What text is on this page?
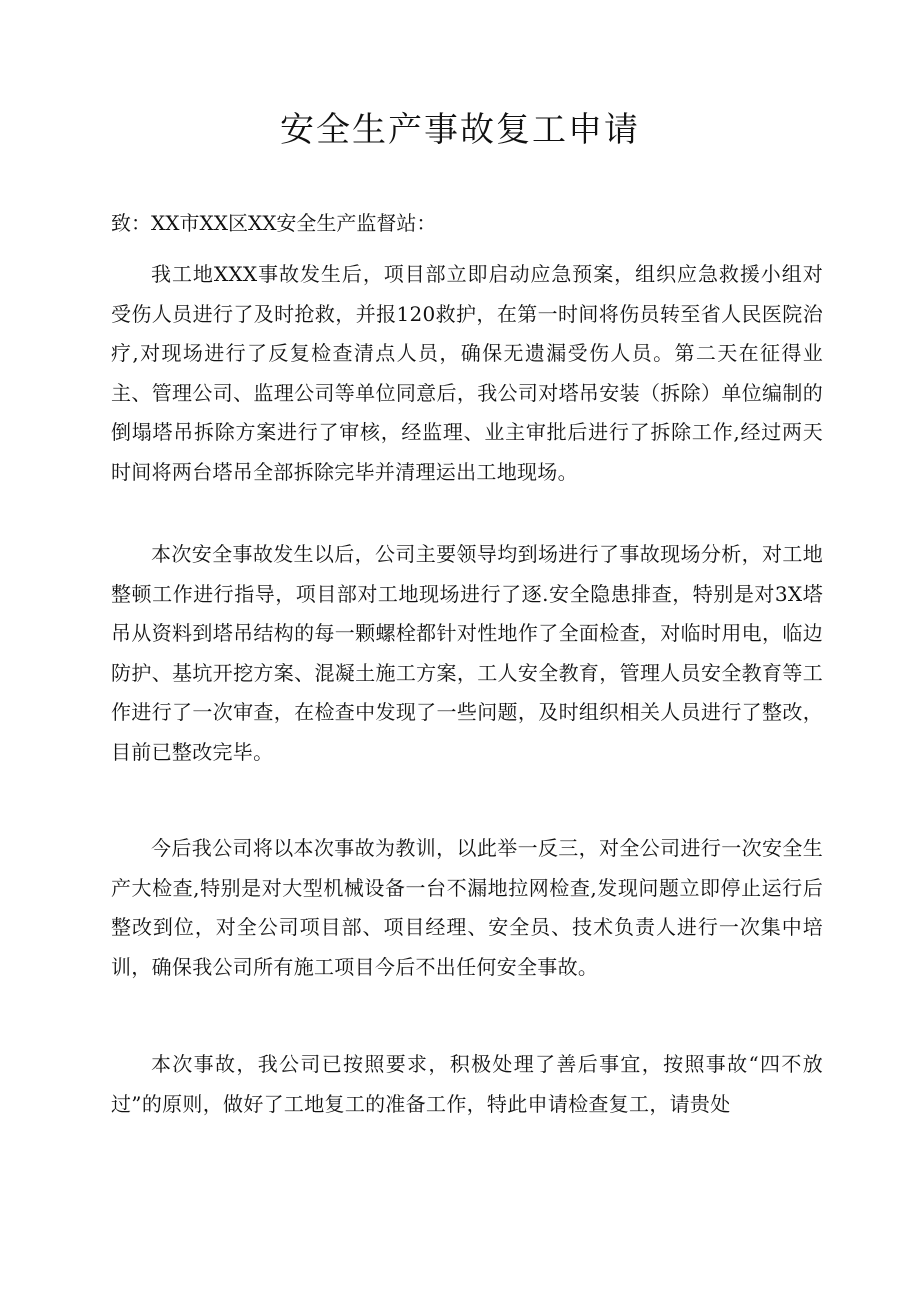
安全生产事故复工申请
致：XX市XX区XX安全生产监督站：

我工地XXX事故发生后，项目部立即启动应急预案，组织应急救援小组对受伤人员进行了及时抢救，并报120救护，在第一时间将伤员转至省人民医院治疗,对现场进行了反复检查清点人员，确保无遗漏受伤人员。第二天在征得业主、管理公司、监理公司等单位同意后，我公司对塔吊安装（拆除）单位编制的倒塌塔吊拆除方案进行了审核，经监理、业主审批后进行了拆除工作,经过两天时间将两台塔吊全部拆除完毕并清理运出工地现场。

本次安全事故发生以后，公司主要领导均到场进行了事故现场分析，对工地整顿工作进行指导，项目部对工地现场进行了逐.安全隐患排查，特别是对3X塔吊从资料到塔吊结构的每一颗螺栓都针对性地作了全面检查，对临时用电，临边防护、基坑开挖方案、混凝土施工方案，工人安全教育，管理人员安全教育等工作进行了一次审查，在检查中发现了一些问题，及时组织相关人员进行了整改，目前已整改完毕。

今后我公司将以本次事故为教训，以此举一反三，对全公司进行一次安全生产大检查,特别是对大型机械设备一台不漏地拉网检查,发现问题立即停止运行后整改到位，对全公司项目部、项目经理、安全员、技术负责人进行一次集中培训，确保我公司所有施工项目今后不出任何安全事故。

本次事故，我公司已按照要求，积极处理了善后事宜，按照事故“四不放过”的原则，做好了工地复工的准备工作，特此申请检查复工，请贵处
